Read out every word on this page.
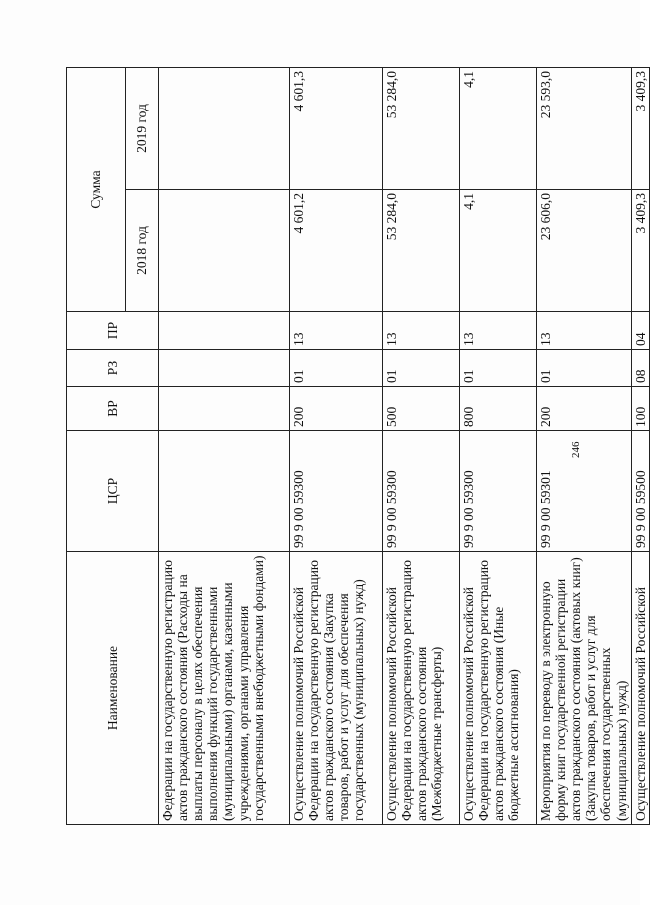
Наименование	ЦСР	ВР	РЗ	ПР	Сумма	
					2018 год	2019 год
Федерации на государственную регистрацию актов гражданского состояния (Расходы на выплаты персоналу в целях обеспечения выполнения функций государственными (муниципальными) органами, казенными учреждениями, органами управления государственными внебюджетными фондами)						
Осуществление полномочий Российской Федерации на государственную регистрацию актов гражданского состояния (Закупка товаров, работ и услуг для обеспечения государственных (муниципальных) нужд)	99 9 00 59300	200	01	13	4 601,2	4 601,3
Осуществление полномочий Российской Федерации на государственную регистрацию актов гражданского состояния (Межбюджетные трансферты)	99 9 00 59300	500	01	13	53 284,0	53 284,0
Осуществление полномочий Российской Федерации на государственную регистрацию актов гражданского состояния (Иные бюджетные ассигнования)	99 9 00 59300	800	01	13	4,1	4,1
Мероприятия по переводу в электронную форму книг государственной регистрации актов гражданского состояния (актовых книг) (Закупка товаров, работ и услуг для обеспечения государственных (муниципальных) нужд)	99 9 00 59301	200	01	13	23 606,0	23 593,0
Осуществление полномочий Российской	99 9 00 59500	100	08	04	3 409,3	3 409,3
246
